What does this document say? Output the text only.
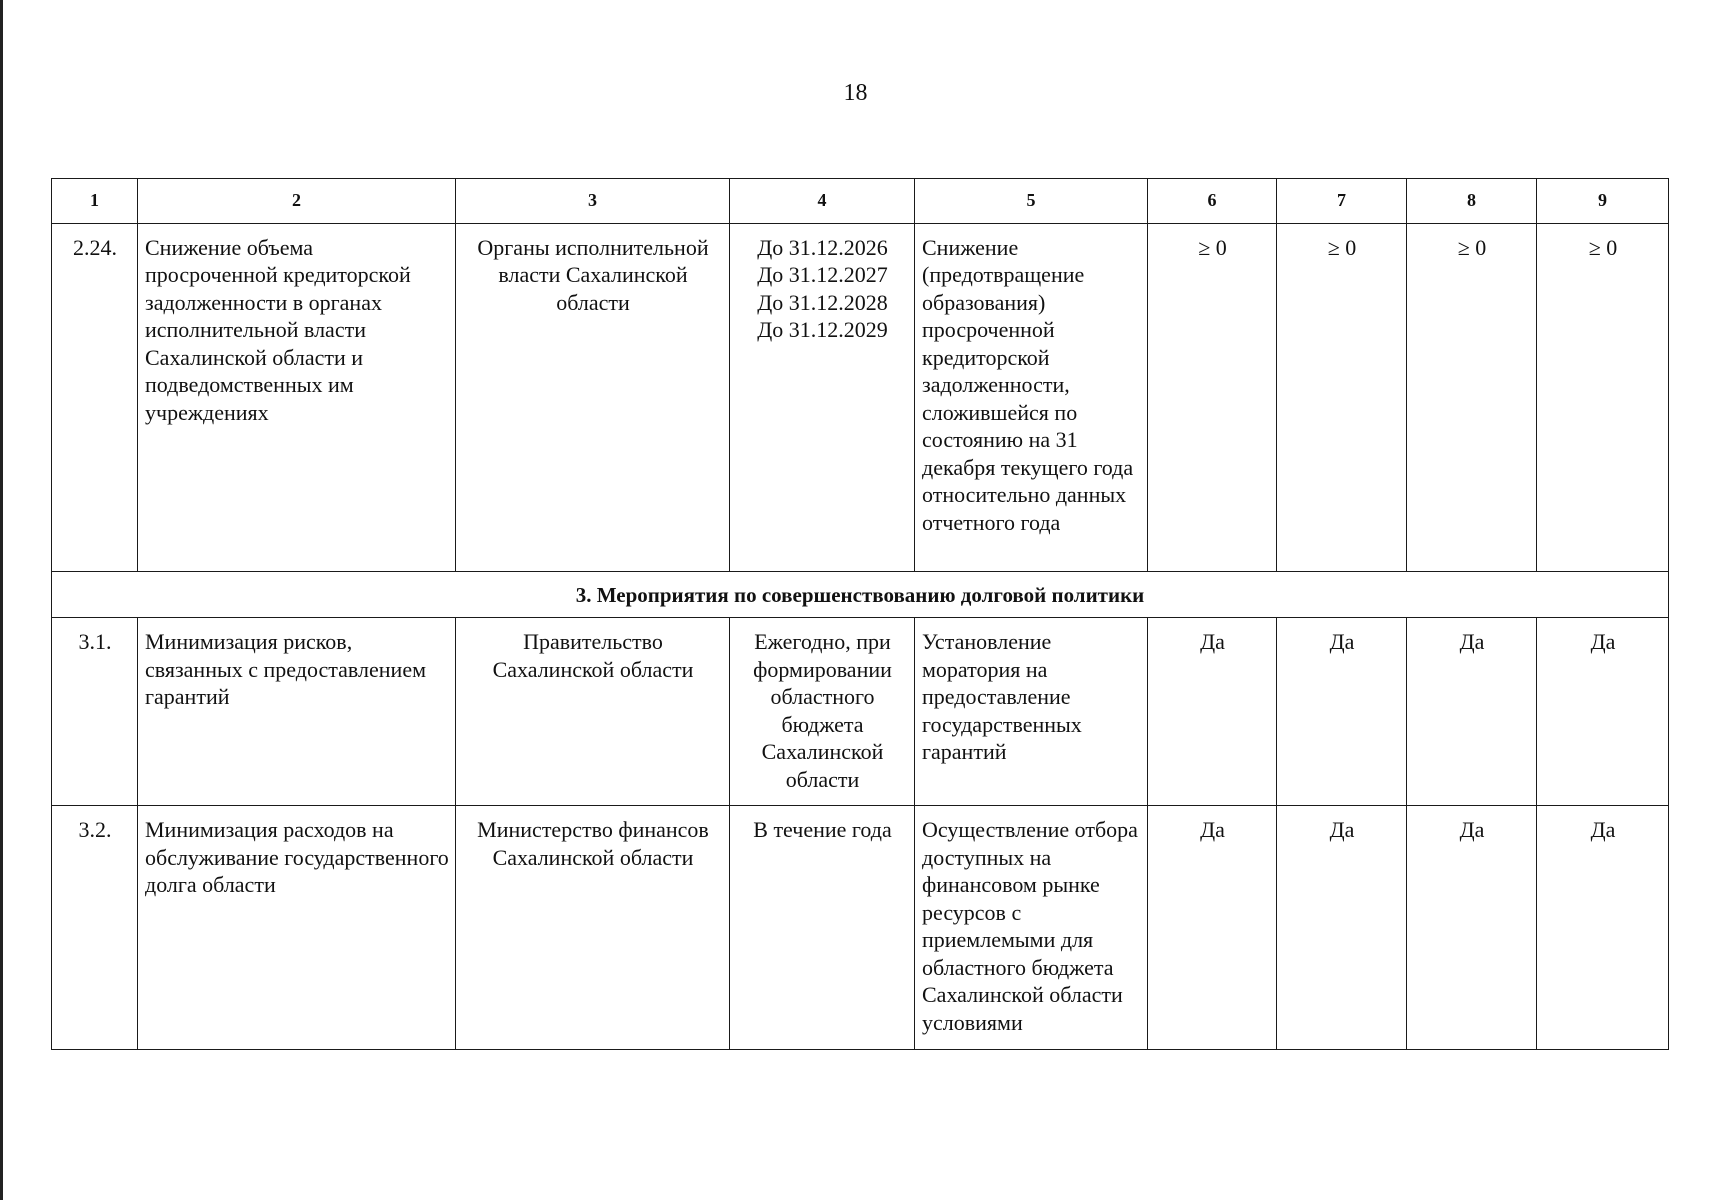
18
1	2	3	4	5	6	7	8	9
2.24.	Снижение объема просроченной кредиторской задолженности в органах исполнительной власти Сахалинской области и подведомственных им учреждениях	Органы исполнительной власти Сахалинской области	До 31.12.2026
До 31.12.2027
До 31.12.2028
До 31.12.2029	Снижение (предотвращение образования) просроченной кредиторской задолженности, сложившейся по состоянию на 31 декабря текущего года относительно данных отчетного года	≥ 0	≥ 0	≥ 0	≥ 0
3. Мероприятия по совершенствованию долговой политики								
3.1.	Минимизация рисков, связанных с предоставлением гарантий	Правительство Сахалинской области	Ежегодно, при формировании областного бюджета Сахалинской области	Установление моратория на предоставление государственных гарантий	Да	Да	Да	Да
3.2.	Минимизация расходов на обслуживание государственного долга области	Министерство финансов Сахалинской области	В течение года	Осуществление отбора доступных на финансовом рынке ресурсов с приемлемыми для областного бюджета Сахалинской области условиями	Да	Да	Да	Да
